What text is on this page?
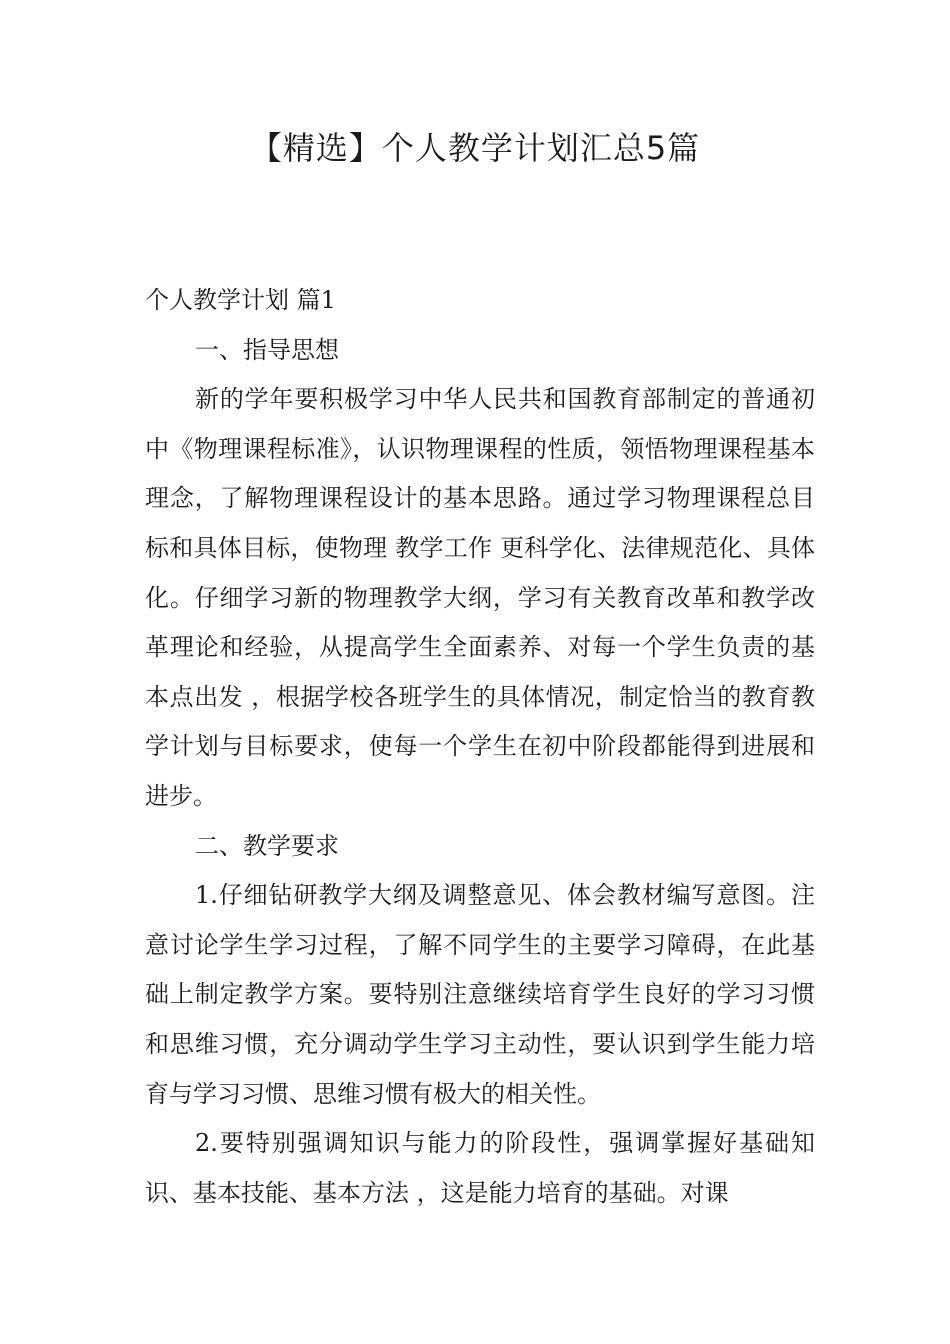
【精选】个人教学计划汇总5篇

个人教学计划 篇1

一、指导思想

新的学年要积极学习中华人民共和国教育部制定的普通初中《物理课程标准》，认识物理课程的性质，领悟物理课程基本理念，了解物理课程设计的基本思路。通过学习物理课程总目标和具体目标，使物理 教学工作 更科学化、法律规范化、具体化。仔细学习新的物理教学大纲，学习有关教育改革和教学改革理论和经验，从提高学生全面素养、对每一个学生负责的基本点出发 ，根据学校各班学生的具体情况，制定恰当的教育教学计划与目标要求，使每一个学生在初中阶段都能得到进展和进步。

二、教学要求

1.仔细钻研教学大纲及调整意见、体会教材编写意图。注意讨论学生学习过程，了解不同学生的主要学习障碍，在此基础上制定教学方案。要特别注意继续培育学生良好的学习习惯和思维习惯，充分调动学生学习主动性，要认识到学生能力培育与学习习惯、思维习惯有极大的相关性。

2.要特别强调知识与能力的阶段性，强调掌握好基础知识、基本技能、基本方法 ，这是能力培育的基础。对课
